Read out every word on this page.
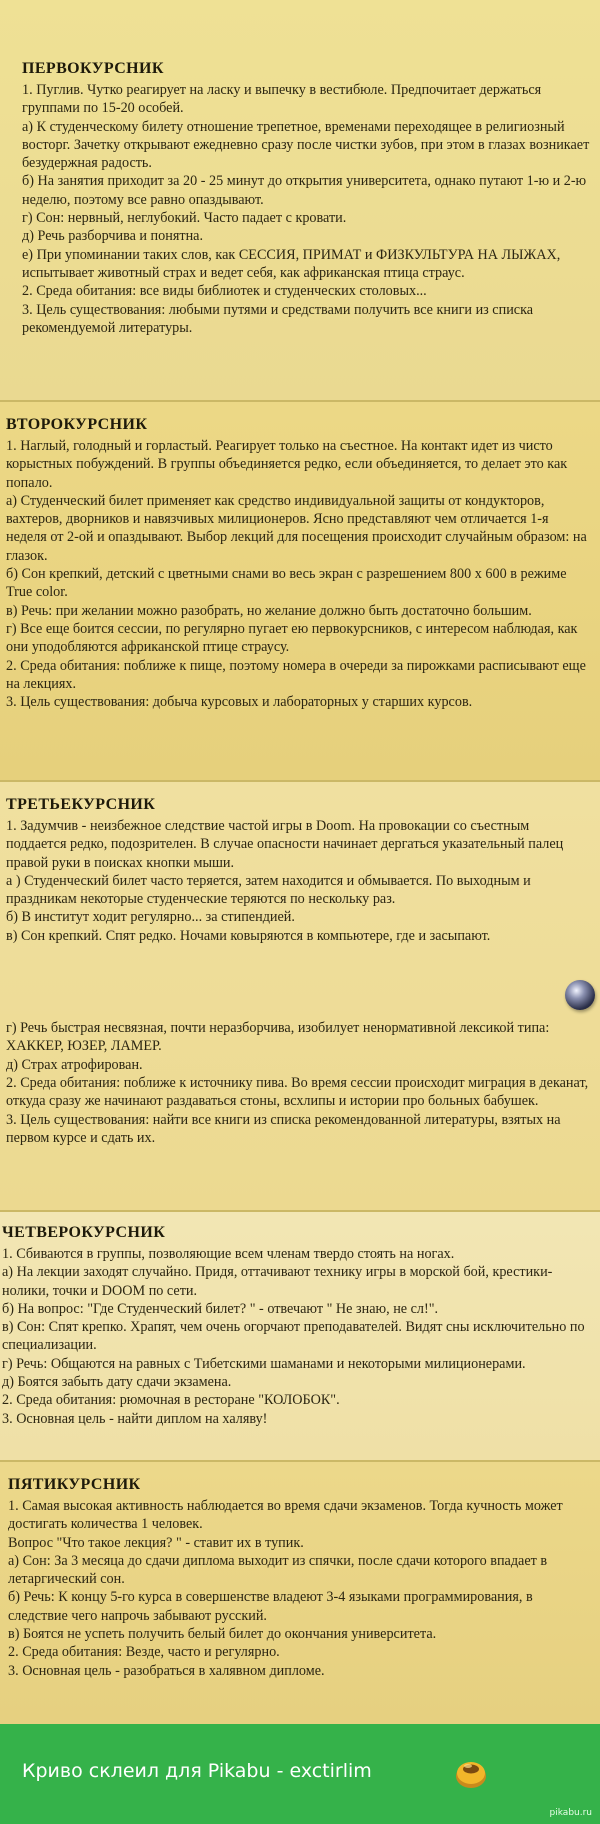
ПЕРВОКУРСНИК

1. Пуглив. Чутко реагирует на ласку и выпечку в вестибюле. Предпочитает держаться группами по 15-20 особей.

а) К студенческому билету отношение трепетное, временами переходящее в религиозный восторг. Зачетку открывают ежедневно сразу после чистки зубов, при этом в глазах возникает безудержная радость.

б) На занятия приходит за 20 - 25 минут до открытия университета, однако путают 1-ю и 2-ю неделю, поэтому все равно опаздывают.

г) Сон: нервный, неглубокий. Часто падает с кровати.

д) Речь разборчива и понятна.

е) При упоминании таких слов, как СЕССИЯ, ПРИМАТ и ФИЗКУЛЬТУРА НА ЛЫЖАХ, испытывает животный страх и ведет себя, как африканская птица страус.

2. Среда обитания: все виды библиотек и студенческих столовых...

3. Цель существования: любыми путями и средствами получить все книги из списка рекомендуемой литературы.

ВТОРОКУРСНИК

1. Наглый, голодный и горластый. Реагирует только на съестное. На контакт идет из чисто корыстных побуждений. В группы объединяется редко, если объединяется, то делает это как попало.

а) Студенческий билет применяет как средство индивидуальной защиты от кондукторов, вахтеров, дворников и навязчивых милиционеров. Ясно представляют чем отличается 1-я неделя от 2-ой и опаздывают. Выбор лекций для посещения происходит случайным образом: на глазок.

б) Сон крепкий, детский с цветными снами во весь экран с разрешением 800 х 600 в режиме True color.

в) Речь: при желании можно разобрать, но желание должно быть достаточно большим.

г) Все еще боится сессии, по регулярно пугает ею первокурсников, с интересом наблюдая, как они уподобляются африканской птице страусу.

2. Среда обитания: поближе к пище, поэтому номера в очереди за пирожками расписывают еще на лекциях.

3. Цель существования: добыча курсовых и лабораторных у старших курсов.

ТРЕТЬЕКУРСНИК

1. Задумчив - неизбежное следствие частой игры в Doom. На провокации со съестным поддается редко, подозрителен. В случае опасности начинает дергаться указательный палец правой руки в поисках кнопки мыши.

а ) Студенческий билет часто теряется, затем находится и обмывается. По выходным и праздникам некоторые студенческие теряются по нескольку раз.

б) В институт ходит регулярно... за стипендией.

в) Сон крепкий. Спят редко. Ночами ковыряются в компьютере, где и засыпают.

г) Речь быстрая несвязная, почти неразборчива, изобилует ненормативной лексикой типа: ХАККЕР, ЮЗЕР, ЛАМЕР.

д) Страх атрофирован.

2. Среда обитания: поближе к источнику пива. Во время сессии происходит миграция в деканат, откуда сразу же начинают раздаваться стоны, всхлипы и истории про больных бабушек.

3. Цель существования: найти все книги из списка рекомендованной литературы, взятых на первом курсе и сдать их.

ЧЕТВЕРОКУРСНИК

1. Сбиваются в группы, позволяющие всем членам твердо стоять на ногах.

а) На лекции заходят случайно. Придя, оттачивают технику игры в морской бой, крестики-нолики, точки и DOOM по сети.

б) На вопрос: "Где Студенческий билет? " - отвечают " Не знаю, не сл!".

в) Сон: Спят крепко. Храпят, чем очень огорчают преподавателей. Видят сны исключительно по специализации.

г) Речь: Общаются на равных с Тибетскими шаманами и некоторыми милиционерами.

д) Боятся забыть дату сдачи экзамена.

2. Среда обитания: рюмочная в ресторане "КОЛОБОК".

3. Основная цель - найти диплом на халяву!

ПЯТИКУРСНИК

1. Самая высокая активность наблюдается во время сдачи экзаменов. Тогда кучность может достигать количества 1 человек.

Вопрос "Что такое лекция? " - ставит их в тупик.

а) Сон: За 3 месяца до сдачи диплома выходит из спячки, после сдачи которого впадает в летаргический сон.

б) Речь: К концу 5-го курса в совершенстве владеют 3-4 языками программирования, в следствие чего напрочь забывают русский.

в) Боятся не успеть получить белый билет до окончания университета.

2. Среда обитания: Везде, часто и регулярно.

3. Основная цель - разобраться в халявном дипломе.

Криво склеил для Pikabu - exctirlim
pikabu.ru
